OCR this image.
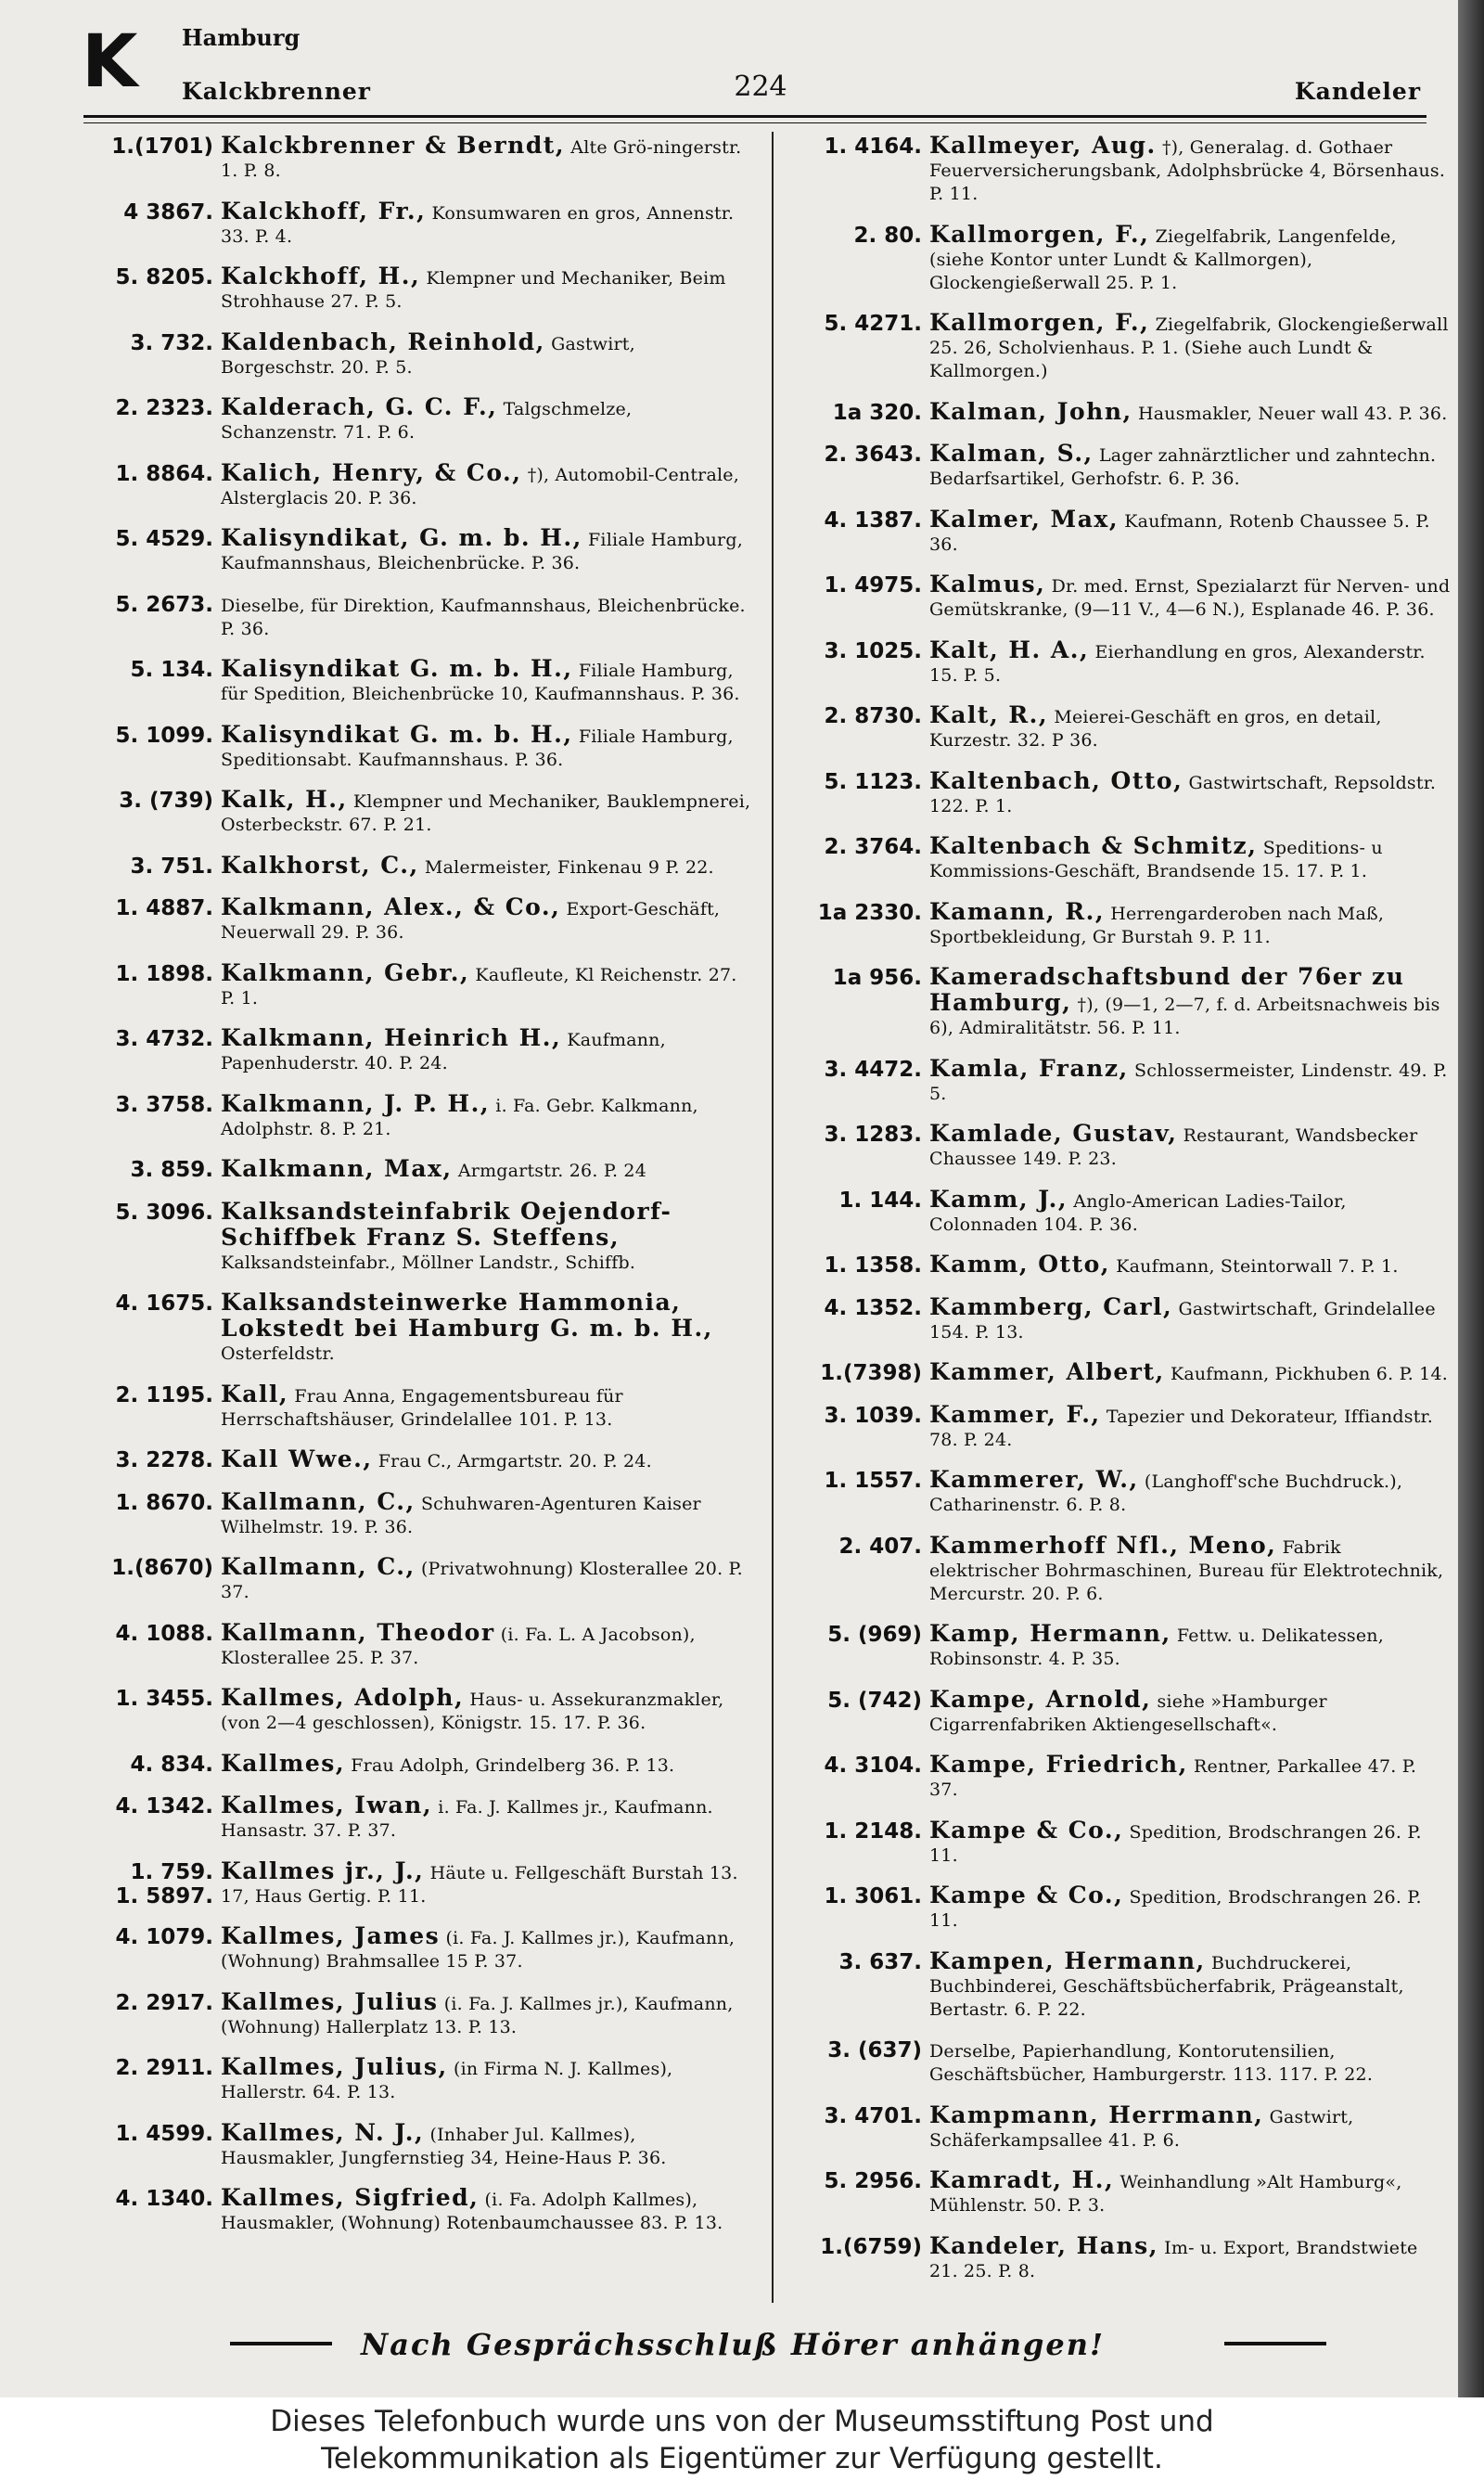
K Hamburg
Kalckbrenner	224	Kandeler
1.(1701) Kalckbrenner & Berndt, Alte Grö-ningerstr. 1. P. 8.
4 3867. Kalckhoff, Fr., Konsumwaren en gros, Annenstr. 33. P. 4.
5. 8205. Kalckhoff, H., Klempner und Mechaniker, Beim Strohhause 27. P. 5.
3. 732. Kaldenbach, Reinhold, Gastwirt, Borgeschstr. 20. P. 5.
2. 2323. Kalderach, G. C. F., Talgschmelze, Schanzenstr. 71. P. 6.
1. 8864. Kalich, Henry, & Co., †), Automobil-Centrale, Alsterglacis 20. P. 36.
5. 4529. Kalisyndikat, G. m. b. H., Filiale Hamburg, Kaufmannshaus, Bleichenbrücke. P. 36.
5. 2673. Dieselbe, für Direktion, Kaufmannshaus, Bleichenbrücke. P. 36.
5. 134. Kalisyndikat G. m. b. H., Filiale Hamburg, für Spedition, Bleichenbrücke 10, Kaufmannshaus. P. 36.
5. 1099. Kalisyndikat G. m. b. H., Filiale Hamburg, Speditionsabt. Kaufmannshaus. P. 36.
3. (739) Kalk, H., Klempner und Mechaniker, Bauklempnerei, Osterbeckstr. 67. P. 21.
3. 751. Kalkhorst, C., Malermeister, Finkenau 9 P. 22.
1. 4887. Kalkmann, Alex., & Co., Export-Geschäft, Neuerwall 29. P. 36.
1. 1898. Kalkmann, Gebr., Kaufleute, Kl Reichenstr. 27. P. 1.
3. 4732. Kalkmann, Heinrich H., Kaufmann, Papenhuderstr. 40. P. 24.
3. 3758. Kalkmann, J. P. H., i. Fa. Gebr. Kalkmann, Adolphstr. 8. P. 21.
3. 859. Kalkmann, Max, Armgartstr. 26. P. 24
5. 3096. Kalksandsteinfabrik Oejendorf-Schiffbek Franz S. Steffens, Kalksandsteinfabr., Möllner Landstr., Schiffb.
4. 1675. Kalksandsteinwerke Hammonia, Lokstedt bei Hamburg G. m. b. H., Osterfeldstr.
2. 1195. Kall, Frau Anna, Engagementsbureau für Herrschaftshäuser, Grindelallee 101. P. 13.
3. 2278. Kall Wwe., Frau C., Armgartstr. 20. P. 24.
1. 8670. Kallmann, C., Schuhwaren-Agenturen Kaiser Wilhelmstr. 19. P. 36.
1.(8670) Kallmann, C., (Privatwohnung) Klosterallee 20. P. 37.
4. 1088. Kallmann, Theodor (i. Fa. L. A Jacobson), Klosterallee 25. P. 37.
1. 3455. Kallmes, Adolph, Haus- u. Assekuranzmakler, (von 2—4 geschlossen), Königstr. 15. 17. P. 36.
4. 834. Kallmes, Frau Adolph, Grindelberg 36. P. 13.
4. 1342. Kallmes, Iwan, i. Fa. J. Kallmes jr., Kaufmann. Hansastr. 37. P. 37.
1. 759.
1. 5897.
Kallmes jr., J., Häute u. Fellgeschäft Burstah 13. 17, Haus Gertig. P. 11.
4. 1079. Kallmes, James (i. Fa. J. Kallmes jr.), Kaufmann, (Wohnung) Brahmsallee 15 P. 37.
2. 2917. Kallmes, Julius (i. Fa. J. Kallmes jr.), Kaufmann, (Wohnung) Hallerplatz 13. P. 13.
2. 2911. Kallmes, Julius, (in Firma N. J. Kallmes), Hallerstr. 64. P. 13.
1. 4599. Kallmes, N. J., (Inhaber Jul. Kallmes), Hausmakler, Jungfernstieg 34, Heine-Haus P. 36.
4. 1340. Kallmes, Sigfried, (i. Fa. Adolph Kallmes), Hausmakler, (Wohnung) Rotenbaumchaussee 83. P. 13.
1. 4164. Kallmeyer, Aug. †), Generalag. d. Gothaer Feuerversicherungsbank, Adolphsbrücke 4, Börsenhaus. P. 11.
2. 80. Kallmorgen, F., Ziegelfabrik, Langenfelde, (siehe Kontor unter Lundt & Kallmorgen), Glockengießerwall 25. P. 1.
5. 4271. Kallmorgen, F., Ziegelfabrik, Glockengießerwall 25. 26, Scholvienhaus. P. 1. (Siehe auch Lundt & Kallmorgen.)
1a 320. Kalman, John, Hausmakler, Neuer wall 43. P. 36.
2. 3643. Kalman, S., Lager zahnärztlicher und zahntechn. Bedarfsartikel, Gerhofstr. 6. P. 36.
4. 1387. Kalmer, Max, Kaufmann, Rotenb Chaussee 5. P. 36.
1. 4975. Kalmus, Dr. med. Ernst, Spezialarzt für Nerven- und Gemütskranke, (9—11 V., 4—6 N.), Esplanade 46. P. 36.
3. 1025. Kalt, H. A., Eierhandlung en gros, Alexanderstr. 15. P. 5.
2. 8730. Kalt, R., Meierei-Geschäft en gros, en detail, Kurzestr. 32. P 36.
5. 1123. Kaltenbach, Otto, Gastwirtschaft, Repsoldstr. 122. P. 1.
2. 3764. Kaltenbach & Schmitz, Speditions- u Kommissions-Geschäft, Brandsende 15. 17. P. 1.
1a 2330. Kamann, R., Herrengarderoben nach Maß, Sportbekleidung, Gr Burstah 9. P. 11.
1a 956. Kameradschaftsbund der 76er zu Hamburg, †), (9—1, 2—7, f. d. Arbeitsnachweis bis 6), Admiralitätstr. 56. P. 11.
3. 4472. Kamla, Franz, Schlossermeister, Lindenstr. 49. P. 5.
3. 1283. Kamlade, Gustav, Restaurant, Wandsbecker Chaussee 149. P. 23.
1. 144. Kamm, J., Anglo-American Ladies-Tailor, Colonnaden 104. P. 36.
1. 1358. Kamm, Otto, Kaufmann, Steintorwall 7. P. 1.
4. 1352. Kammberg, Carl, Gastwirtschaft, Grindelallee 154. P. 13.
1.(7398) Kammer, Albert, Kaufmann, Pickhuben 6. P. 14.
3. 1039. Kammer, F., Tapezier und Dekorateur, Iffiandstr. 78. P. 24.
1. 1557. Kammerer, W., (Langhoff'sche Buchdruck.), Catharinenstr. 6. P. 8.
2. 407. Kammerhoff Nfl., Meno, Fabrik elektrischer Bohrmaschinen, Bureau für Elektrotechnik, Mercurstr. 20. P. 6.
5. (969) Kamp, Hermann, Fettw. u. Delikatessen, Robinsonstr. 4. P. 35.
5. (742) Kampe, Arnold, siehe »Hamburger Cigarrenfabriken Aktiengesellschaft«.
4. 3104. Kampe, Friedrich, Rentner, Parkallee 47. P. 37.
1. 2148. Kampe & Co., Spedition, Brodschrangen 26. P. 11.
1. 3061. Kampe & Co., Spedition, Brodschrangen 26. P. 11.
3. 637. Kampen, Hermann, Buchdruckerei, Buchbinderei, Geschäftsbücherfabrik, Prägeanstalt, Bertastr. 6. P. 22.
3. (637) Derselbe, Papierhandlung, Kontorutensilien, Geschäftsbücher, Hamburgerstr. 113. 117. P. 22.
3. 4701. Kampmann, Herrmann, Gastwirt, Schäferkampsallee 41. P. 6.
5. 2956. Kamradt, H., Weinhandlung »Alt Hamburg«, Mühlenstr. 50. P. 3.
1.(6759) Kandeler, Hans, Im- u. Export, Brandstwiete 21. 25. P. 8.
Nach Gesprächsschluß Hörer anhängen!
Dieses Telefonbuch wurde uns von der Museumsstiftung Post und
Telekommunikation als Eigentümer zur Verfügung gestellt.
